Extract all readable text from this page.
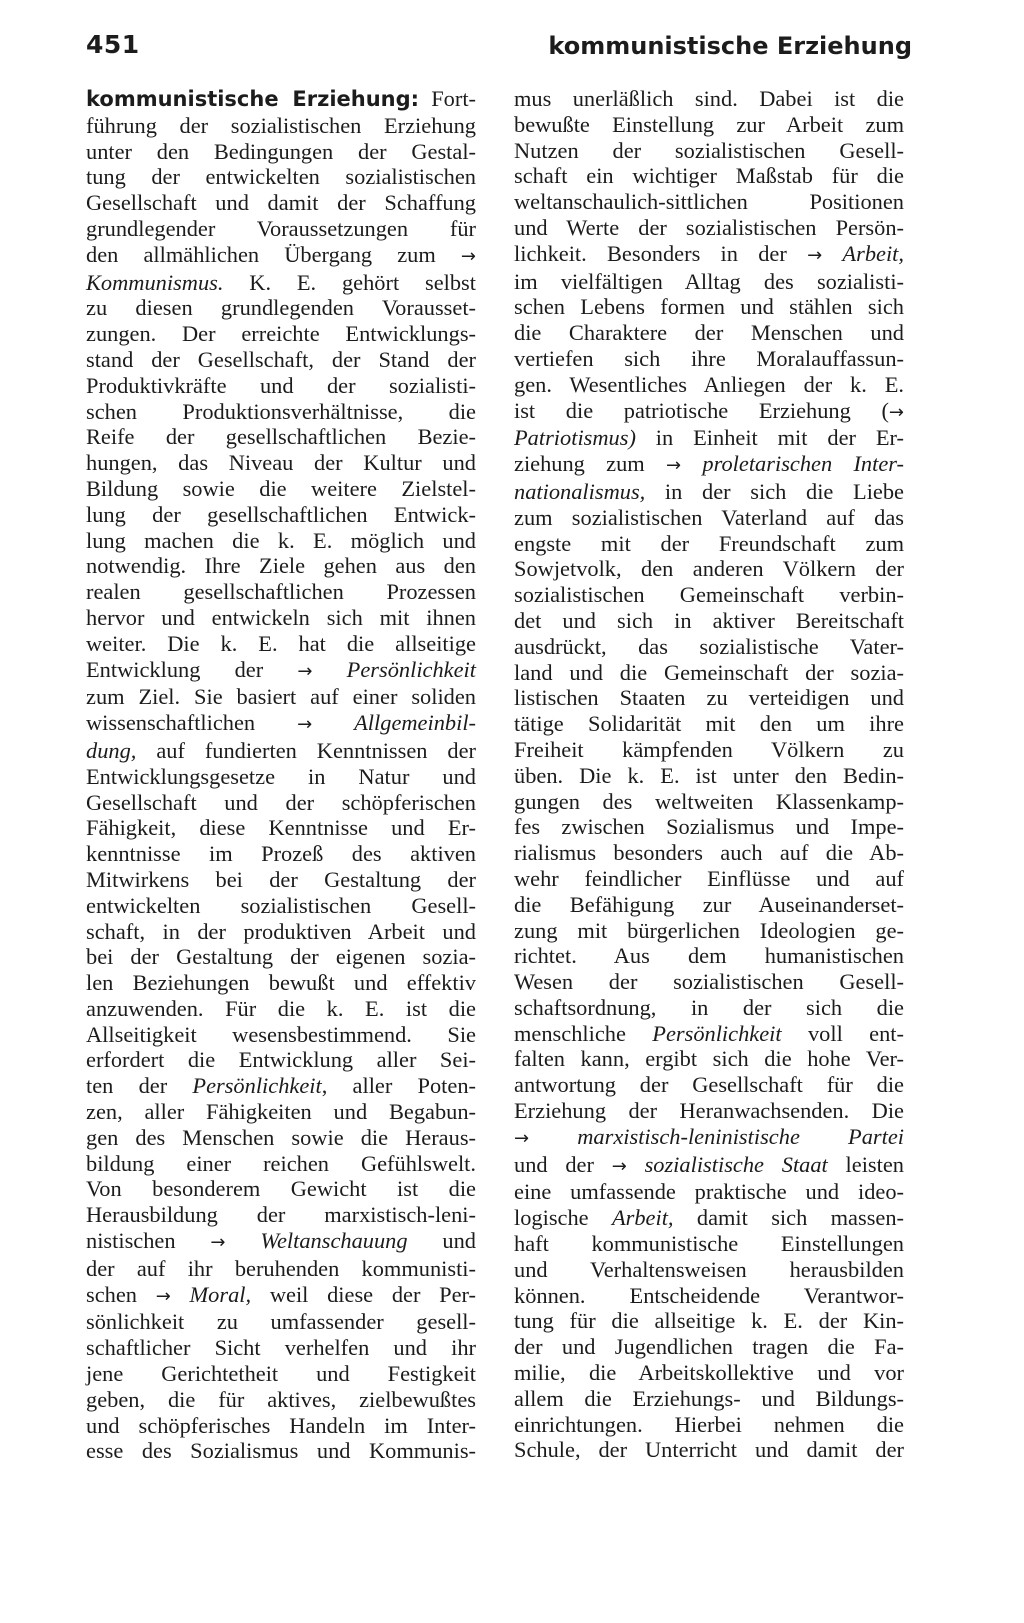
451	kommunistische Erziehung
kommunistische Erziehung: Fort-
führung der sozialistischen Erziehung
unter den Bedingungen der Gestal-
tung der entwickelten sozialistischen
Gesellschaft und damit der Schaffung
grundlegender Voraussetzungen für
den allmählichen Übergang zum →
Kommunismus. K. E. gehört selbst
zu diesen grundlegenden Vorausset-
zungen. Der erreichte Entwicklungs-
stand der Gesellschaft, der Stand der
Produktivkräfte und der sozialisti-
schen Produktionsverhältnisse, die
Reife der gesellschaftlichen Bezie-
hungen, das Niveau der Kultur und
Bildung sowie die weitere Zielstel-
lung der gesellschaftlichen Entwick-
lung machen die k. E. möglich und
notwendig. Ihre Ziele gehen aus den
realen gesellschaftlichen Prozessen
hervor und entwickeln sich mit ihnen
weiter. Die k. E. hat die allseitige
Entwicklung der → Persönlichkeit
zum Ziel. Sie basiert auf einer soliden
wissenschaftlichen → Allgemeinbil-
dung, auf fundierten Kenntnissen der
Entwicklungsgesetze in Natur und
Gesellschaft und der schöpferischen
Fähigkeit, diese Kenntnisse und Er-
kenntnisse im Prozeß des aktiven
Mitwirkens bei der Gestaltung der
entwickelten sozialistischen Gesell-
schaft, in der produktiven Arbeit und
bei der Gestaltung der eigenen sozia-
len Beziehungen bewußt und effektiv
anzuwenden. Für die k. E. ist die
Allseitigkeit wesensbestimmend. Sie
erfordert die Entwicklung aller Sei-
ten der Persönlichkeit, aller Poten-
zen, aller Fähigkeiten und Begabun-
gen des Menschen sowie die Heraus-
bildung einer reichen Gefühlswelt.
Von besonderem Gewicht ist die
Herausbildung der marxistisch-leni-
nistischen → Weltanschauung und
der auf ihr beruhenden kommunisti-
schen → Moral, weil diese der Per-
sönlichkeit zu umfassender gesell-
schaftlicher Sicht verhelfen und ihr
jene Gerichtetheit und Festigkeit
geben, die für aktives, zielbewußtes
und schöpferisches Handeln im Inter-
esse des Sozialismus und Kommunis-
mus unerläßlich sind. Dabei ist die
bewußte Einstellung zur Arbeit zum
Nutzen der sozialistischen Gesell-
schaft ein wichtiger Maßstab für die
weltanschaulich-sittlichen Positionen
und Werte der sozialistischen Persön-
lichkeit. Besonders in der → Arbeit,
im vielfältigen Alltag des sozialisti-
schen Lebens formen und stählen sich
die Charaktere der Menschen und
vertiefen sich ihre Moralauffassun-
gen. Wesentliches Anliegen der k. E.
ist die patriotische Erziehung (→
Patriotismus) in Einheit mit der Er-
ziehung zum → proletarischen Inter-
nationalismus, in der sich die Liebe
zum sozialistischen Vaterland auf das
engste mit der Freundschaft zum
Sowjetvolk, den anderen Völkern der
sozialistischen Gemeinschaft verbin-
det und sich in aktiver Bereitschaft
ausdrückt, das sozialistische Vater-
land und die Gemeinschaft der sozia-
listischen Staaten zu verteidigen und
tätige Solidarität mit den um ihre
Freiheit kämpfenden Völkern zu
üben. Die k. E. ist unter den Bedin-
gungen des weltweiten Klassenkamp-
fes zwischen Sozialismus und Impe-
rialismus besonders auch auf die Ab-
wehr feindlicher Einflüsse und auf
die Befähigung zur Auseinanderset-
zung mit bürgerlichen Ideologien ge-
richtet. Aus dem humanistischen
Wesen der sozialistischen Gesell-
schaftsordnung, in der sich die
menschliche Persönlichkeit voll ent-
falten kann, ergibt sich die hohe Ver-
antwortung der Gesellschaft für die
Erziehung der Heranwachsenden. Die
→ marxistisch-leninistische Partei
und der → sozialistische Staat leisten
eine umfassende praktische und ideo-
logische Arbeit, damit sich massen-
haft kommunistische Einstellungen
und Verhaltensweisen herausbilden
können. Entscheidende Verantwor-
tung für die allseitige k. E. der Kin-
der und Jugendlichen tragen die Fa-
milie, die Arbeitskollektive und vor
allem die Erziehungs- und Bildungs-
einrichtungen. Hierbei nehmen die
Schule, der Unterricht und damit der
